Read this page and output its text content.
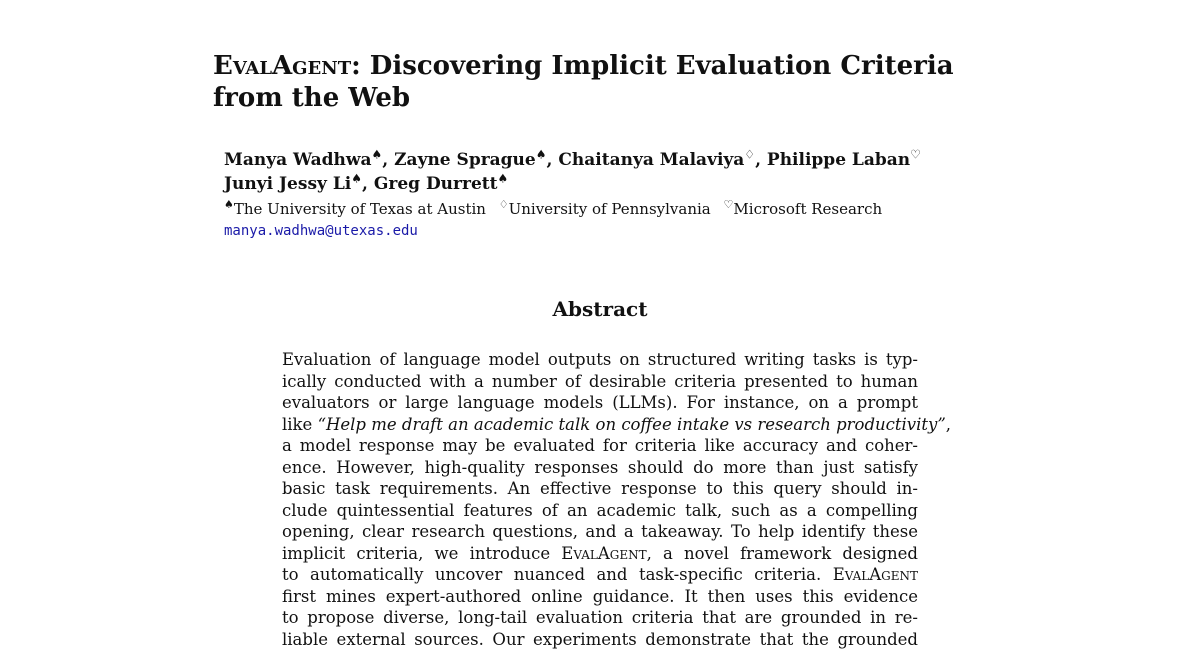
EvalAgent: Discovering Implicit Evaluation Criteria
from the Web
Manya Wadhwa♠, Zayne Sprague♠, Chaitanya Malaviya♢, Philippe Laban♡
Junyi Jessy Li♠, Greg Durrett♠
♠The University of Texas at Austin ♢University of Pennsylvania ♡Microsoft Research
manya.wadhwa@utexas.edu
Abstract
Evaluation of language model outputs on structured writing tasks is typ-
ically conducted with a number of desirable criteria presented to human
evaluators or large language models (LLMs). For instance, on a prompt
like “Help me draft an academic talk on coffee intake vs research productivity”,
a model response may be evaluated for criteria like accuracy and coher-
ence. However, high-quality responses should do more than just satisfy
basic task requirements. An effective response to this query should in-
clude quintessential features of an academic talk, such as a compelling
opening, clear research questions, and a takeaway. To help identify these
implicit criteria, we introduce EvalAgent, a novel framework designed
to automatically uncover nuanced and task-specific criteria. EvalAgent
first mines expert-authored online guidance. It then uses this evidence
to propose diverse, long-tail evaluation criteria that are grounded in re-
liable external sources. Our experiments demonstrate that the grounded
